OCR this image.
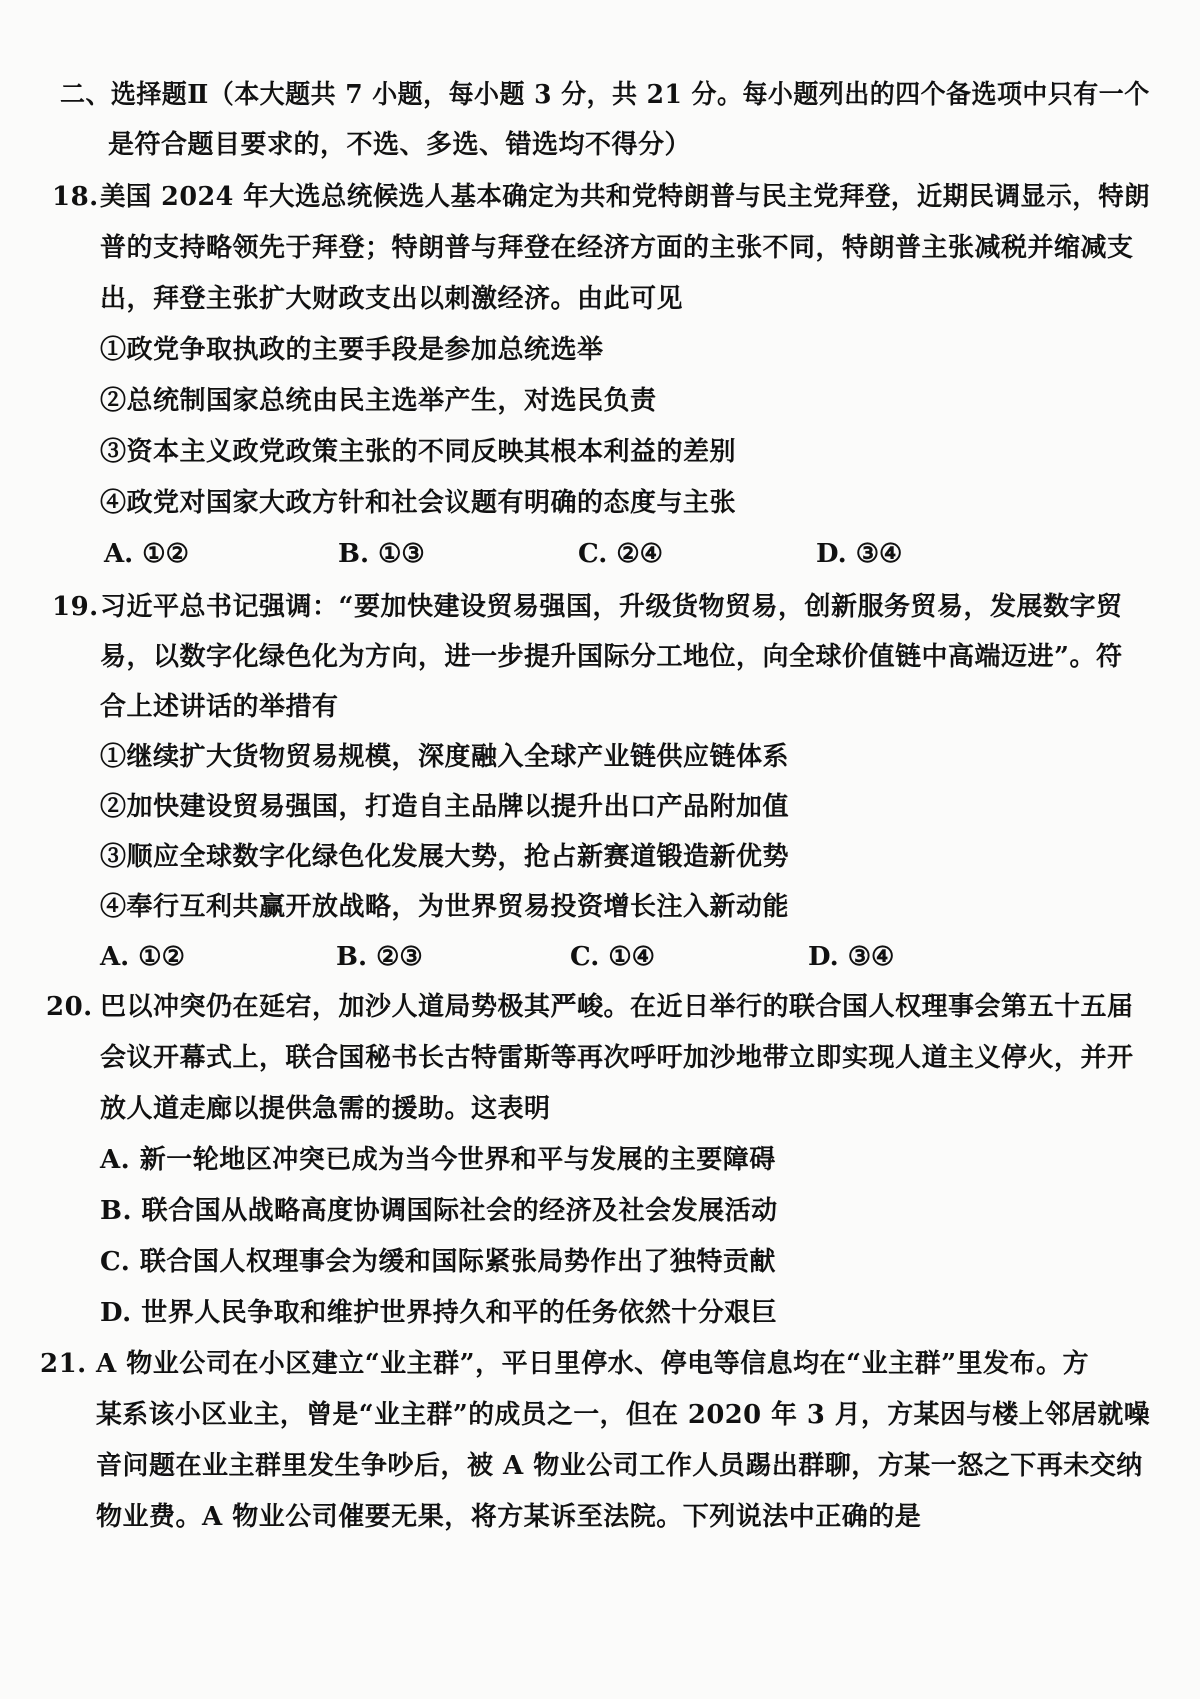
二、选择题Ⅱ（本大题共 7 小题，每小题 3 分，共 21 分。每小题列出的四个备选项中只有一个
是符合题目要求的，不选、多选、错选均不得分）
18. 美国 2024 年大选总统候选人基本确定为共和党特朗普与民主党拜登，近期民调显示，特朗
普的支持略领先于拜登；特朗普与拜登在经济方面的主张不同，特朗普主张减税并缩减支
出，拜登主张扩大财政支出以刺激经济。由此可见
①政党争取执政的主要手段是参加总统选举
②总统制国家总统由民主选举产生，对选民负责
③资本主义政党政策主张的不同反映其根本利益的差别
④政党对国家大政方针和社会议题有明确的态度与主张
A. ①②	B. ①③	C. ②④	D. ③④
19. 习近平总书记强调：“要加快建设贸易强国，升级货物贸易，创新服务贸易，发展数字贸
易，以数字化绿色化为方向，进一步提升国际分工地位，向全球价值链中高端迈进”。符
合上述讲话的举措有
①继续扩大货物贸易规模，深度融入全球产业链供应链体系
②加快建设贸易强国，打造自主品牌以提升出口产品附加值
③顺应全球数字化绿色化发展大势，抢占新赛道锻造新优势
④奉行互利共赢开放战略，为世界贸易投资增长注入新动能
A. ①②	B. ②③	C. ①④	D. ③④
20. 巴以冲突仍在延宕，加沙人道局势极其严峻。在近日举行的联合国人权理事会第五十五届
会议开幕式上，联合国秘书长古特雷斯等再次呼吁加沙地带立即实现人道主义停火，并开
放人道走廊以提供急需的援助。这表明
A. 新一轮地区冲突已成为当今世界和平与发展的主要障碍
B. 联合国从战略高度协调国际社会的经济及社会发展活动
C. 联合国人权理事会为缓和国际紧张局势作出了独特贡献
D. 世界人民争取和维护世界持久和平的任务依然十分艰巨
21. A 物业公司在小区建立“业主群”，平日里停水、停电等信息均在“业主群”里发布。方
某系该小区业主，曾是“业主群”的成员之一，但在 2020 年 3 月，方某因与楼上邻居就噪
音问题在业主群里发生争吵后，被 A 物业公司工作人员踢出群聊，方某一怒之下再未交纳
物业费。A 物业公司催要无果，将方某诉至法院。下列说法中正确的是
